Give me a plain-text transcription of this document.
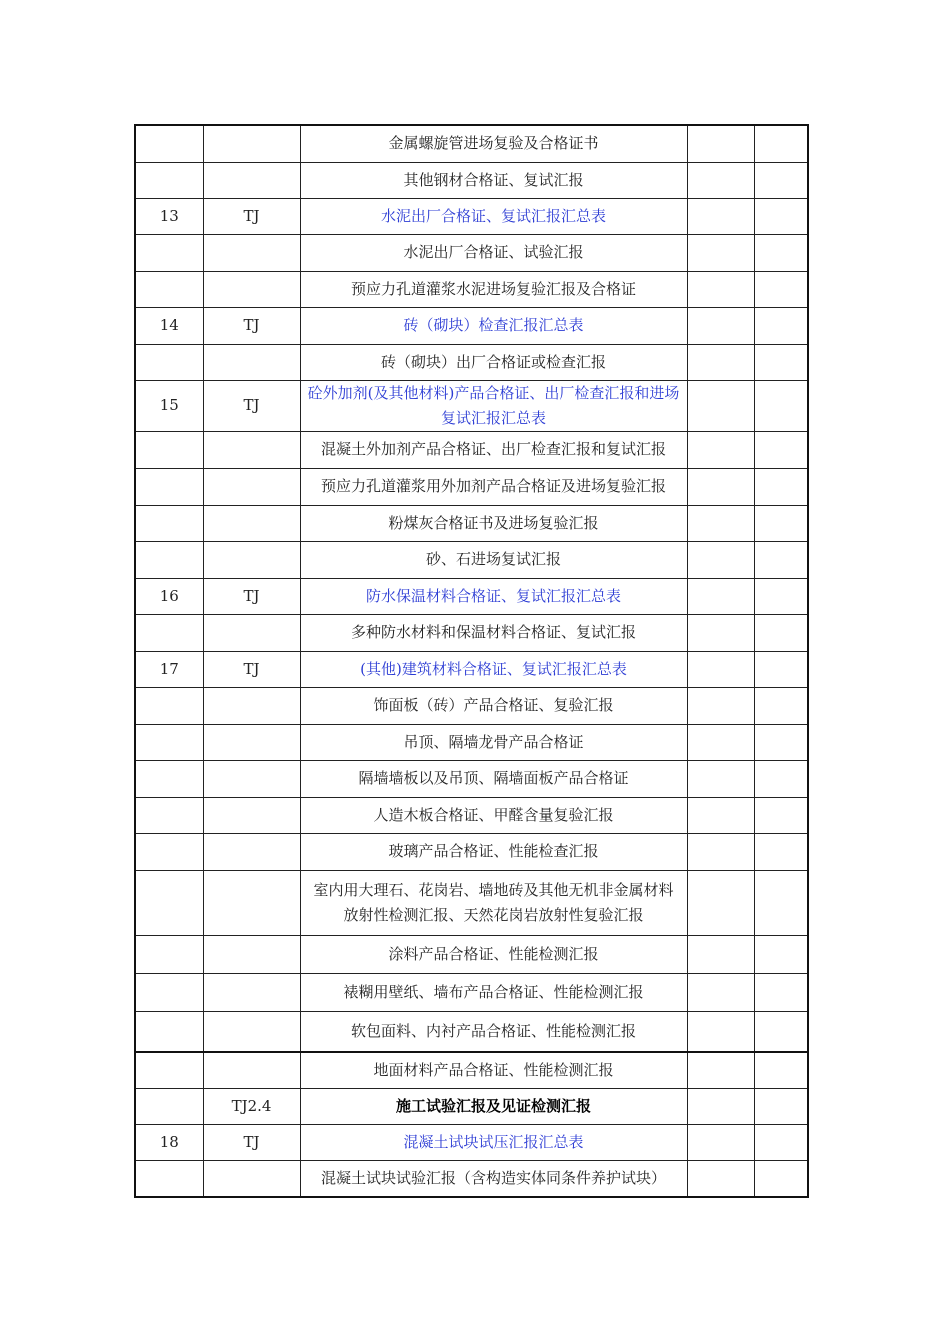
		金属螺旋管进场复验及合格证书		
		其他钢材合格证、复试汇报		
13	TJ	水泥出厂合格证、复试汇报汇总表		
		水泥出厂合格证、试验汇报		
		预应力孔道灌浆水泥进场复验汇报及合格证		
14	TJ	砖（砌块）检查汇报汇总表		
		砖（砌块）出厂合格证或检查汇报		
15	TJ	砼外加剂(及其他材料)产品合格证、出厂检查汇报和进场复试汇报汇总表		
		混凝土外加剂产品合格证、出厂检查汇报和复试汇报		
		预应力孔道灌浆用外加剂产品合格证及进场复验汇报		
		粉煤灰合格证书及进场复验汇报		
		砂、石进场复试汇报		
16	TJ	防水保温材料合格证、复试汇报汇总表		
		多种防水材料和保温材料合格证、复试汇报		
17	TJ	(其他)建筑材料合格证、复试汇报汇总表		
		饰面板（砖）产品合格证、复验汇报		
		吊顶、隔墙龙骨产品合格证		
		隔墙墙板以及吊顶、隔墙面板产品合格证		
		人造木板合格证、甲醛含量复验汇报		
		玻璃产品合格证、性能检查汇报		
		室内用大理石、花岗岩、墙地砖及其他无机非金属材料放射性检测汇报、天然花岗岩放射性复验汇报		
		涂料产品合格证、性能检测汇报		
		裱糊用壁纸、墙布产品合格证、性能检测汇报		
		软包面料、内衬产品合格证、性能检测汇报		
		地面材料产品合格证、性能检测汇报		
	TJ2.4	施工试验汇报及见证检测汇报		
18	TJ	混凝土试块试压汇报汇总表		
		混凝土试块试验汇报（含构造实体同条件养护试块）		
